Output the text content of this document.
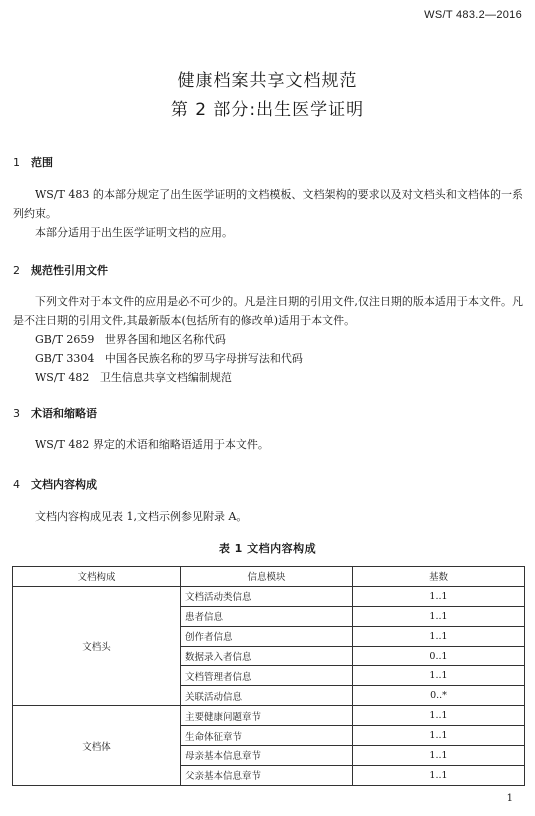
WS/T 483.2—2016
健康档案共享文档规范
第 2 部分:出生医学证明
1 范围
WS/T 483 的本部分规定了出生医学证明的文档模板、文档架构的要求以及对文档头和文档体的一系列约束。
本部分适用于出生医学证明文档的应用。
2 规范性引用文件
下列文件对于本文件的应用是必不可少的。凡是注日期的引用文件,仅注日期的版本适用于本文件。凡是不注日期的引用文件,其最新版本(包括所有的修改单)适用于本文件。
GB/T 2659   世界各国和地区名称代码
GB/T 3304   中国各民族名称的罗马字母拼写法和代码
WS/T 482   卫生信息共享文档编制规范
3 术语和缩略语
WS/T 482 界定的术语和缩略语适用于本文件。
4 文档内容构成
文档内容构成见表 1,文档示例参见附录 A。
表 1 文档内容构成
文档构成	信息模块	基数
文档头	文档活动类信息	1..1
	患者信息	1..1
	创作者信息	1..1
	数据录入者信息	0..1
	文档管理者信息	1..1
	关联活动信息	0..*
文档体	主要健康问题章节	1..1
	生命体征章节	1..1
	母亲基本信息章节	1..1
	父亲基本信息章节	1..1
1
